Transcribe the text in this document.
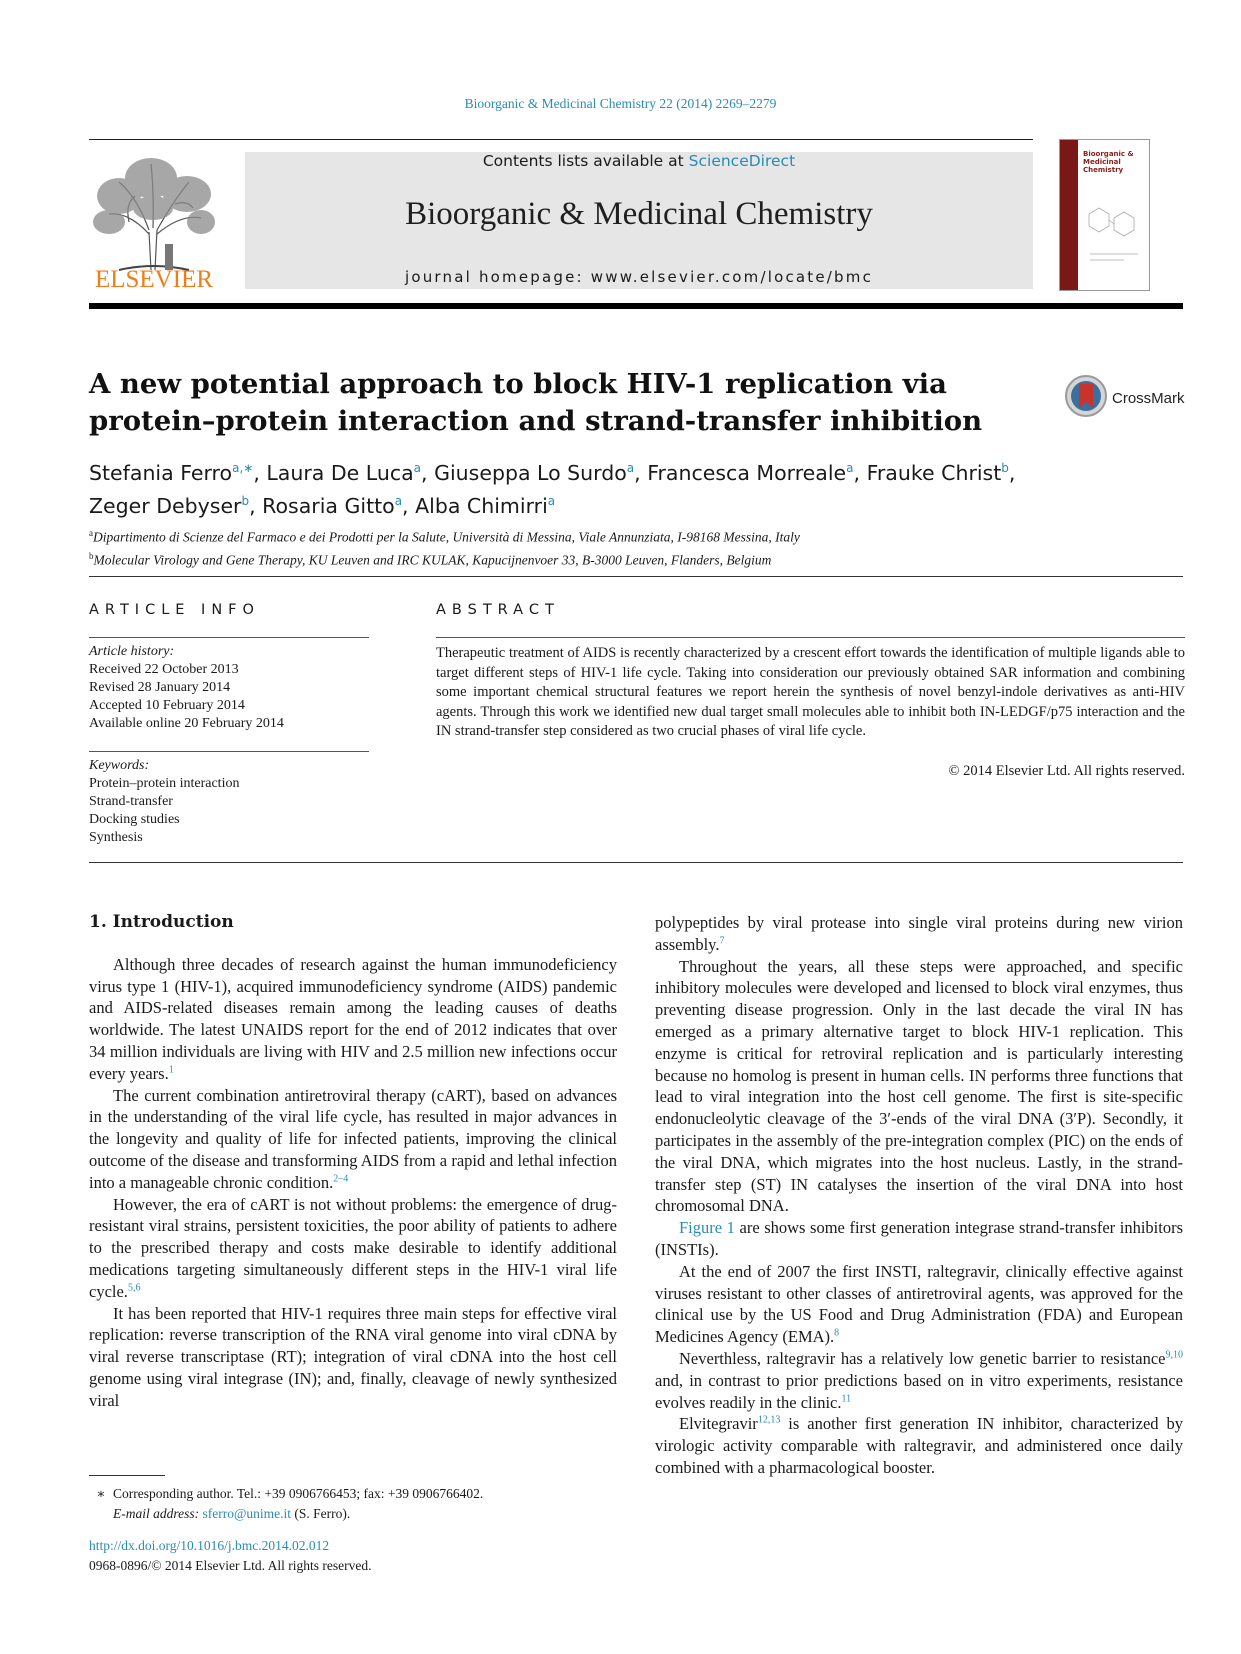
Bioorganic & Medicinal Chemistry 22 (2014) 2269–2279
ELSEVIER
Contents lists available at ScienceDirect
Bioorganic & Medicinal Chemistry
journal homepage: www.elsevier.com/locate/bmc
Bioorganic & Medicinal Chemistry
A new potential approach to block HIV-1 replication via
protein–protein interaction and strand-transfer inhibition
CrossMark
Stefania Ferro$^{a,∗}$, Laura De Luca$^a$, Giuseppa Lo Surdo$^a$, Francesca Morreale$^a$, Frauke Christ$^b$,
Zeger Debyser$^b$, Rosaria Gitto$^a$, Alba Chimirri$^a$
$^a$Dipartimento di Scienze del Farmaco e dei Prodotti per la Salute, Università di Messina, Viale Annunziata, I-98168 Messina, Italy
$^b$Molecular Virology and Gene Therapy, KU Leuven and IRC KULAK, Kapucijnenvoer 33, B-3000 Leuven, Flanders, Belgium
ARTICLE INFO
Article history:
Received 22 October 2013
Revised 28 January 2014
Accepted 10 February 2014
Available online 20 February 2014
Keywords:
Protein–protein interaction
Strand-transfer
Docking studies
Synthesis
ABSTRACT
Therapeutic treatment of AIDS is recently characterized by a crescent effort towards the identification of multiple ligands able to target different steps of HIV-1 life cycle. Taking into consideration our previously obtained SAR information and combining some important chemical structural features we report herein the synthesis of novel benzyl-indole derivatives as anti-HIV agents. Through this work we identified new dual target small molecules able to inhibit both IN-LEDGF/p75 interaction and the IN strand-transfer step considered as two crucial phases of viral life cycle.
© 2014 Elsevier Ltd. All rights reserved.
1. Introduction

Although three decades of research against the human immunodeficiency virus type 1 (HIV-1), acquired immunodeficiency syndrome (AIDS) pandemic and AIDS-related diseases remain among the leading causes of deaths worldwide. The latest UNAIDS report for the end of 2012 indicates that over 34 million individuals are living with HIV and 2.5 million new infections occur every years.$^1$

The current combination antiretroviral therapy (cART), based on advances in the understanding of the viral life cycle, has resulted in major advances in the longevity and quality of life for infected patients, improving the clinical outcome of the disease and transforming AIDS from a rapid and lethal infection into a manageable chronic condition.$^{2-4}$

However, the era of cART is not without problems: the emergence of drug-resistant viral strains, persistent toxicities, the poor ability of patients to adhere to the prescribed therapy and costs make desirable to identify additional medications targeting simultaneously different steps in the HIV-1 viral life cycle.$^{5,6}$

It has been reported that HIV-1 requires three main steps for effective viral replication: reverse transcription of the RNA viral genome into viral cDNA by viral reverse transcriptase (RT); integration of viral cDNA into the host cell genome using viral integrase (IN); and, finally, cleavage of newly synthesized viral

polypeptides by viral protease into single viral proteins during new virion assembly.$^7$

Throughout the years, all these steps were approached, and specific inhibitory molecules were developed and licensed to block viral enzymes, thus preventing disease progression. Only in the last decade the viral IN has emerged as a primary alternative target to block HIV-1 replication. This enzyme is critical for retroviral replication and is particularly interesting because no homolog is present in human cells. IN performs three functions that lead to viral integration into the host cell genome. The first is site-specific endonucleolytic cleavage of the 3′-ends of the viral DNA (3′P). Secondly, it participates in the assembly of the pre-integration complex (PIC) on the ends of the viral DNA, which migrates into the host nucleus. Lastly, in the strand-transfer step (ST) IN catalyses the insertion of the viral DNA into host chromosomal DNA.

Figure 1 are shows some first generation integrase strand-transfer inhibitors (INSTIs).

At the end of 2007 the first INSTI, raltegravir, clinically effective against viruses resistant to other classes of antiretroviral agents, was approved for the clinical use by the US Food and Drug Administration (FDA) and European Medicines Agency (EMA).$^8$

Neverthless, raltegravir has a relatively low genetic barrier to resistance$^{9,10}$ and, in contrast to prior predictions based on in vitro experiments, resistance evolves readily in the clinic.$^{11}$

Elvitegravir$^{12,13}$ is another first generation IN inhibitor, characterized by virologic activity comparable with raltegravir, and administered once daily combined with a pharmacological booster.

∗ Corresponding author. Tel.: +39 0906766453; fax: +39 0906766402.
E-mail address: sferro@unime.it (S. Ferro).
http://dx.doi.org/10.1016/j.bmc.2014.02.012
0968-0896/© 2014 Elsevier Ltd. All rights reserved.
